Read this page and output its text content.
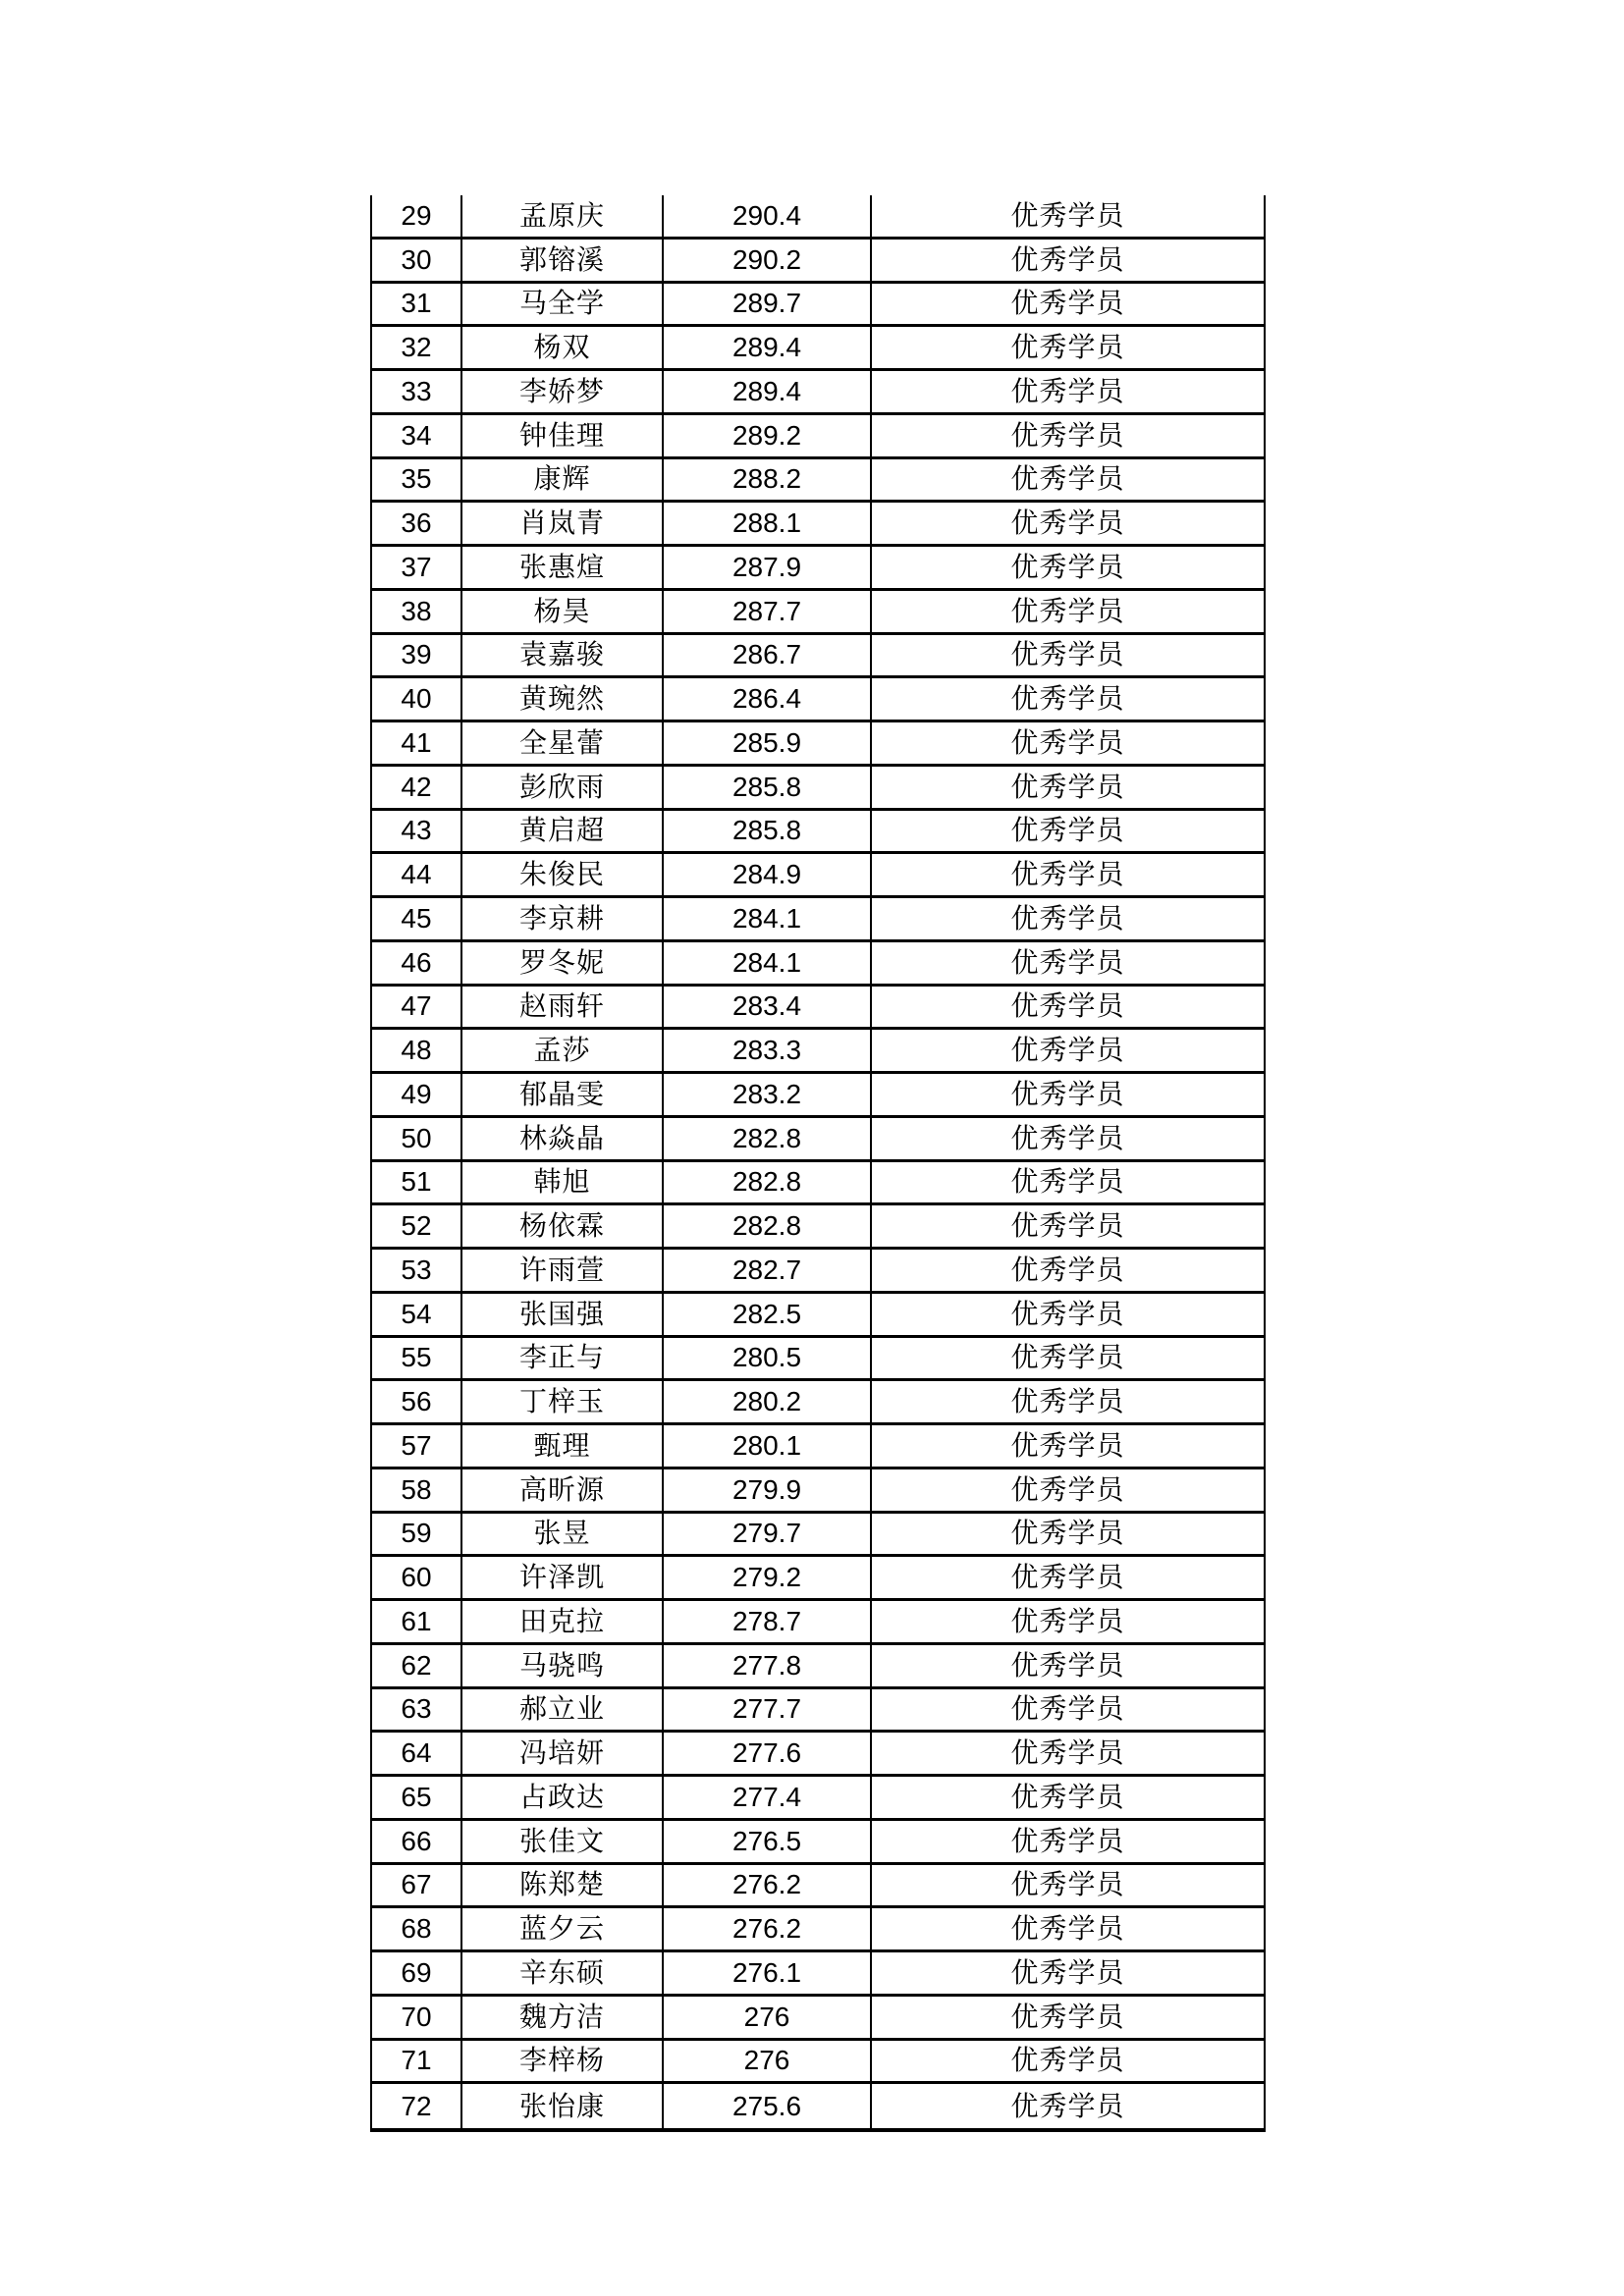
29	孟原庆	290.4	优秀学员
30	郭镕溪	290.2	优秀学员
31	马全学	289.7	优秀学员
32	杨双	289.4	优秀学员
33	李娇梦	289.4	优秀学员
34	钟佳理	289.2	优秀学员
35	康辉	288.2	优秀学员
36	肖岚青	288.1	优秀学员
37	张惠煊	287.9	优秀学员
38	杨昊	287.7	优秀学员
39	袁嘉骏	286.7	优秀学员
40	黄琬然	286.4	优秀学员
41	全星蕾	285.9	优秀学员
42	彭欣雨	285.8	优秀学员
43	黄启超	285.8	优秀学员
44	朱俊民	284.9	优秀学员
45	李京耕	284.1	优秀学员
46	罗冬妮	284.1	优秀学员
47	赵雨轩	283.4	优秀学员
48	孟莎	283.3	优秀学员
49	郁晶雯	283.2	优秀学员
50	林焱晶	282.8	优秀学员
51	韩旭	282.8	优秀学员
52	杨依霖	282.8	优秀学员
53	许雨萱	282.7	优秀学员
54	张国强	282.5	优秀学员
55	李正与	280.5	优秀学员
56	丁梓玉	280.2	优秀学员
57	甄理	280.1	优秀学员
58	高昕源	279.9	优秀学员
59	张昱	279.7	优秀学员
60	许泽凯	279.2	优秀学员
61	田克拉	278.7	优秀学员
62	马骁鸣	277.8	优秀学员
63	郝立业	277.7	优秀学员
64	冯培妍	277.6	优秀学员
65	占政达	277.4	优秀学员
66	张佳文	276.5	优秀学员
67	陈郑楚	276.2	优秀学员
68	蓝夕云	276.2	优秀学员
69	辛东硕	276.1	优秀学员
70	魏方洁	276	优秀学员
71	李梓杨	276	优秀学员
72	张怡康	275.6	优秀学员
